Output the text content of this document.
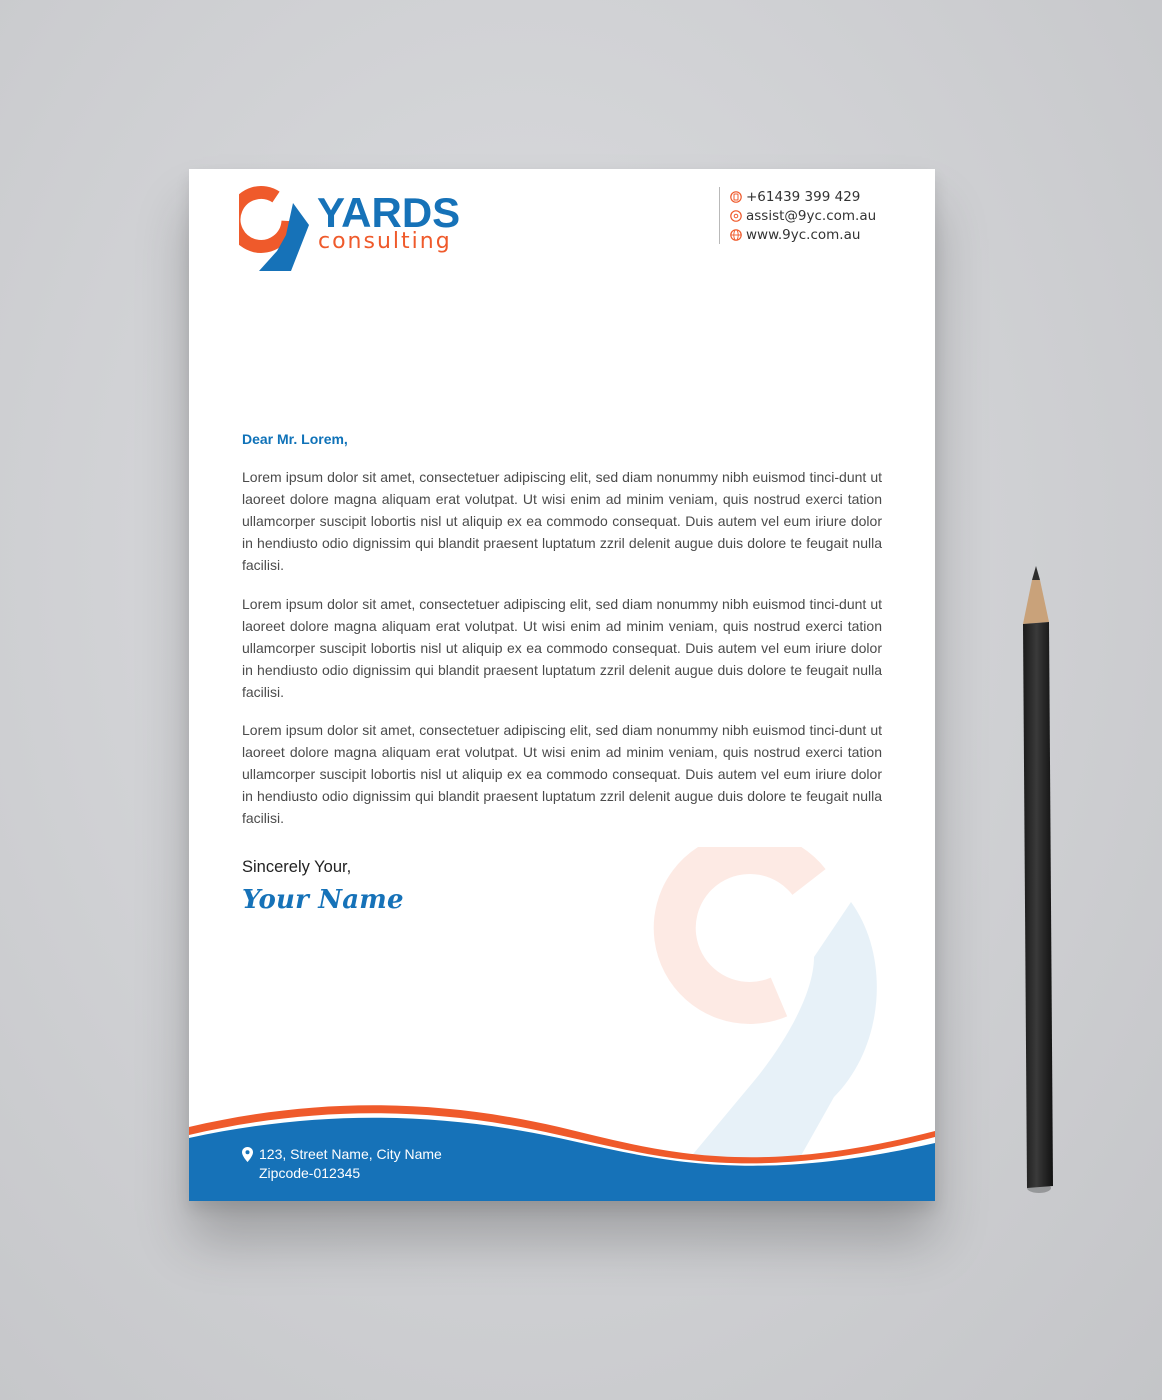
YARDS
consulting
+61439 399 429
assist@9yc.com.au
www.9yc.com.au
Dear Mr. Lorem,
Lorem ipsum dolor sit amet, consectetuer adipiscing elit, sed diam nonummy nibh euismod tinci-dunt ut laoreet dolore magna aliquam erat volutpat. Ut wisi enim ad minim veniam, quis nostrud exerci tation ullamcorper suscipit lobortis nisl ut aliquip ex ea commodo consequat. Duis autem vel eum iriure dolor in hendiusto odio dignissim qui blandit praesent luptatum zzril delenit augue duis dolore te feugait nulla facilisi.
Lorem ipsum dolor sit amet, consectetuer adipiscing elit, sed diam nonummy nibh euismod tinci-dunt ut laoreet dolore magna aliquam erat volutpat. Ut wisi enim ad minim veniam, quis nostrud exerci tation ullamcorper suscipit lobortis nisl ut aliquip ex ea commodo consequat. Duis autem vel eum iriure dolor in hendiusto odio dignissim qui blandit praesent luptatum zzril delenit augue duis dolore te feugait nulla facilisi.
Lorem ipsum dolor sit amet, consectetuer adipiscing elit, sed diam nonummy nibh euismod tinci-dunt ut laoreet dolore magna aliquam erat volutpat. Ut wisi enim ad minim veniam, quis nostrud exerci tation ullamcorper suscipit lobortis nisl ut aliquip ex ea commodo consequat. Duis autem vel eum iriure dolor in hendiusto odio dignissim qui blandit praesent luptatum zzril delenit augue duis dolore te feugait nulla facilisi.
Sincerely Your,
Your Name
123, Street Name, City Name
Zipcode-012345
